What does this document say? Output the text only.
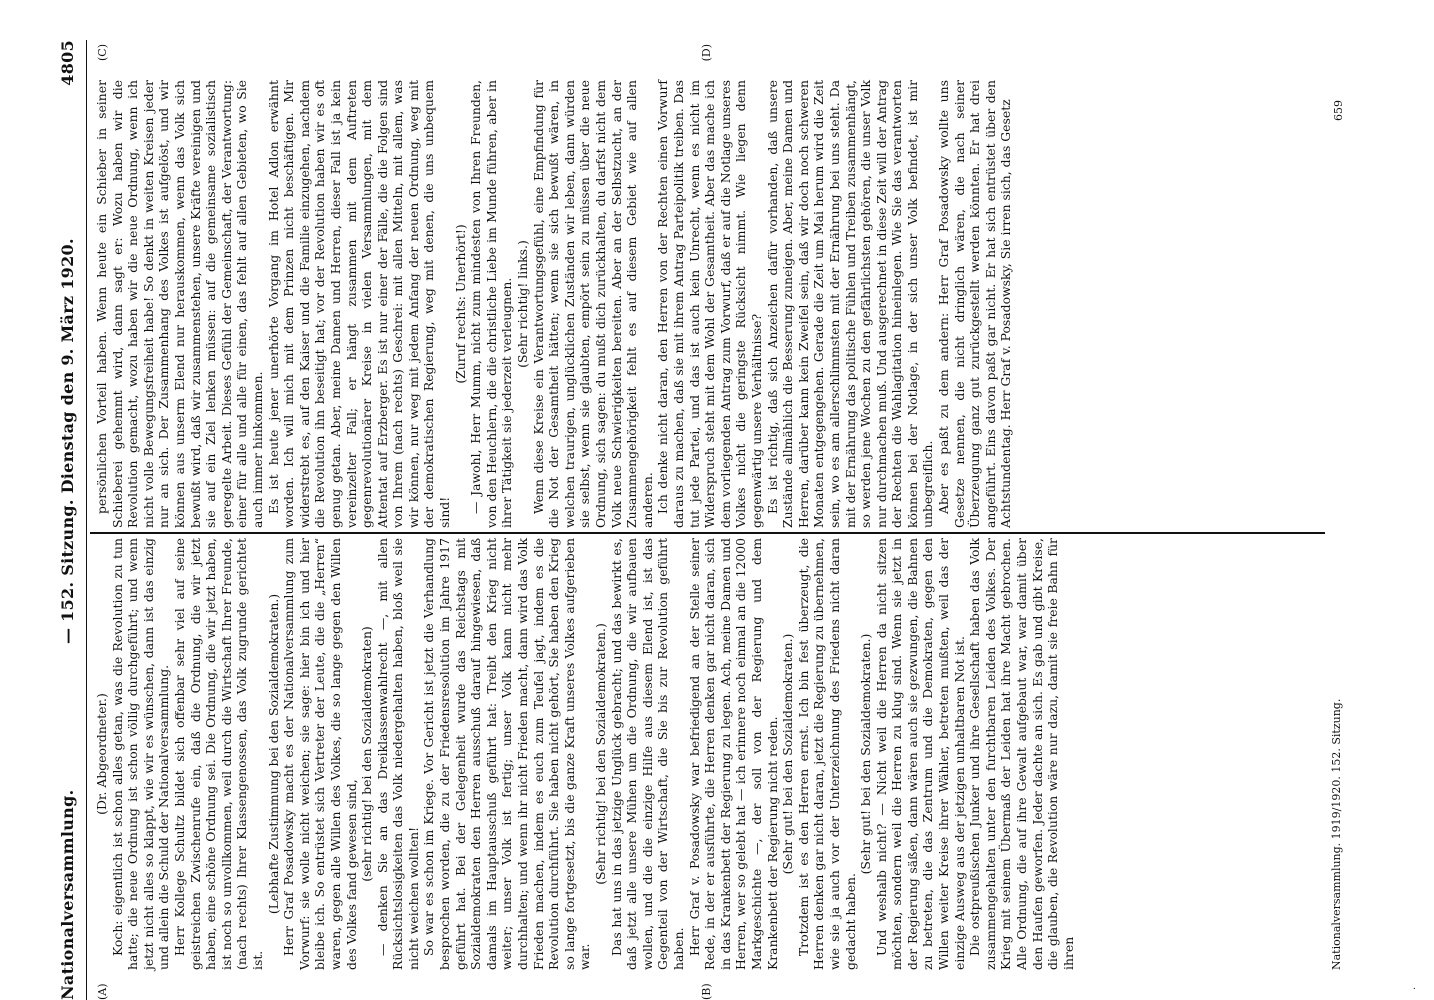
Nationalversammlung.
— 152. Sitzung. Dienstag den 9. März 1920.
4805
(A)	(B)
(C)	(D)

(Dr. Abgeordneter.) Koch: eigentlich ist schon alles getan, was die Revolution zu tun hatte; die neue Ordnung ist schon völlig durchgeführt; und wenn jetzt nicht alles so klappt, wie wir es wünschen, dann ist das einzig und allein die Schuld der Nationalversammlung. Herr Kollege Schultz bildet sich offenbar sehr viel auf seine geistreichen Zwischenrufe ein, daß die Ordnung, die wir jetzt haben, eine schöne Ordnung sei. Die Ordnung, die wir jetzt haben, ist noch so unvollkommen, weil durch die Wirtschaft Ihrer Freunde, (nach rechts) Ihrer Klassengenossen, das Volk zugrunde gerichtet ist.

(Lebhafte Zustimmung bei den Sozialdemokraten.) Herr Graf Posadowsky macht es der Nationalversammlung zum Vorwurf: sie wolle nicht weichen; sie sage: hier bin ich und hier bleibe ich. So entrüstet sich Vertreter der Leute, die die „Herren“ waren, gegen alle Willen des Volkes, die so lange gegen den Willen des Volkes fand gewesen sind, (sehr richtig! bei den Sozialdemokraten) — denken Sie an das Dreiklassenwahlrecht —, mit allen Rücksichtslosigkeiten das Volk niedergehalten haben, bloß weil sie nicht weichen wollten! So war es schon im Kriege. Vor Gericht ist jetzt die Verhandlung besprochen worden, die zu der Friedensresolution im Jahre 1917 geführt hat. Bei der Gelegenheit wurde das Reichstags mit Sozialdemokraten den Herren ausschuß darauf hingewiesen, daß damals im Hauptausschuß geführt hat: Treibt den Krieg nicht weiter; unser Volk ist fertig; unser Volk kann nicht mehr durchhalten; und wenn ihr nicht Frieden macht, dann wird das Volk Frieden machen, indem es euch zum Teufel jagt, indem es die Revolution durchführt. Sie haben nicht gehört, Sie haben den Krieg so lange fortgesetzt, bis die ganze Kraft unseres Volkes aufgerieben war.

(Sehr richtig! bei den Sozialdemokraten.) Das hat uns in das jetzige Unglück gebracht; und das bewirkt es, daß jetzt alle unsere Mühen um die Ordnung, die wir aufbauen wollen, und die die einzige Hilfe aus diesem Elend ist, ist das Gegenteil von der Wirtschaft, die Sie bis zur Revolution geführt haben. Herr Graf v. Posadowsky war befriedigend an der Stelle seiner Rede, in der er ausführte, die Herren denken gar nicht daran, sich in das Krankenbett der Regierung zu legen. Ach, meine Damen und Herren, wer so gelebt hat — ich erinnere noch einmal an die 12000 Markgeschichte —, der soll von der Regierung und dem Krankenbett der Regierung nicht reden. (Sehr gut! bei den Sozialdemokraten.) Trotzdem ist es den Herren ernst. Ich bin fest überzeugt, die Herren denken gar nicht daran, jetzt die Regierung zu übernehmen, wie sie ja auch vor der Unterzeichnung des Friedens nicht daran gedacht haben.

(Sehr gut! bei den Sozialdemokraten.) Und weshalb nicht? — Nicht weil die Herren da nicht sitzen möchten, sondern weil die Herren zu klug sind. Wenn sie jetzt in der Regierung säßen, dann wären auch sie gezwungen, die Bahnen zu betreten, die das Zentrum und die Demokraten, gegen den Willen weiter Kreise ihrer Wähler, betreten mußten, weil das der einzige Ausweg aus der jetzigen unhaltbaren Not ist. Die ostpreußischen Junker und ihre Gesellschaft haben das Volk zusammengehalten unter den furchtbaren Leiden des Volkes. Der Krieg mit seinem Übermaß der Leiden hat ihre Macht gebrochen. Alle Ordnung, die auf ihre Gewalt aufgebaut war, war damit über den Haufen geworfen. Jeder dachte an sich. Es gab und gibt Kreise, die glauben, die Revolution wäre nur dazu, damit sie freie Bahn für ihren

persönlichen Vorteil haben. Wenn heute ein Schieber in seiner Schieberei gehemmt wird, dann sagt er: Wozu haben wir die Revolution gemacht, wozu haben wir die neue Ordnung, wenn ich nicht volle Bewegungsfreiheit habe! So denkt in weiten Kreisen jeder nur an sich. Der Zusammenhang des Volkes ist aufgelöst, und wir können aus unserm Elend nur herauskommen, wenn das Volk sich bewußt wird, daß wir zusammenstehen, unsere Kräfte vereinigen und sie auf ein Ziel lenken müssen: auf die gemeinsame sozialistisch geregelte Arbeit. Dieses Gefühl der Gemeinschaft, der Verantwortung: einer für alle und alle für einen, das fehlt auf allen Gebieten, wo Sie auch immer hinkommen. Es ist heute jener unerhörte Vorgang im Hotel Adlon erwähnt worden. Ich will mich mit dem Prinzen nicht beschäftigen. Mir widerstrebt es, auf den Kaiser und die Familie einzugehen, nachdem die Revolution ihn beseitigt hat; vor der Revolution haben wir es oft genug getan. Aber, meine Damen und Herren, dieser Fall ist ja kein vereinzelter Fall; er hängt zusammen mit dem Auftreten gegenrevolutionärer Kreise in vielen Versammlungen, mit dem Attentat auf Erzberger. Es ist nur einer der Fälle, die die Folgen sind von Ihrem (nach rechts) Geschrei: mit allen Mitteln, mit allem, was wir können, nur weg mit jedem Anfang der neuen Ordnung, weg mit der demokratischen Regierung, weg mit denen, die uns unbequem sind!

(Zuruf rechts: Unerhört!) — Jawohl, Herr Mumm, nicht zum mindesten von Ihren Freunden, von den Heuchlern, die die christliche Liebe im Munde führen, aber in ihrer Tätigkeit sie jederzeit verleugnen. (Sehr richtig! links.) Wenn diese Kreise ein Verantwortungsgefühl, eine Empfindung für die Not der Gesamtheit hätten; wenn sie sich bewußt wären, in welchen traurigen, unglücklichen Zuständen wir leben, dann würden sie selbst, wenn sie glaubten, empört sein zu müssen über die neue Ordnung, sich sagen: du mußt dich zurückhalten, du darfst nicht dem Volk neue Schwierigkeiten bereiten. Aber an der Selbstzucht, an der Zusammengehörigkeit fehlt es auf diesem Gebiet wie auf allen anderen. Ich denke nicht daran, den Herren von der Rechten einen Vorwurf daraus zu machen, daß sie mit ihrem Antrag Parteipolitik treiben. Das tut jede Partei, und das ist auch kein Unrecht, wenn es nicht im Widerspruch steht mit dem Wohl der Gesamtheit. Aber das mache ich dem vorliegenden Antrag zum Vorwurf, daß er auf die Notlage unseres Volkes nicht die geringste Rücksicht nimmt. Wie liegen denn gegenwärtig unsere Verhältnisse? Es ist richtig, daß sich Anzeichen dafür vorhanden, daß unsere Zustände allmählich die Besserung zuneigen. Aber, meine Damen und Herren, darüber kann kein Zweifel sein, daß wir doch noch schweren Monaten entgegengehen. Gerade die Zeit um Mai herum wird die Zeit sein, wo es am allerschlimmsten mit der Ernährung bei uns steht. Da mit der Ernährung das politische Fühlen und Treiben zusammenhängt, so werden jene Wochen zu den gefährlichsten gehören, die unser Volk nur durchmachen muß. Und ausgerechnet in diese Zeit will der Antrag der Rechten die Wahlagitation hineinlegen. Wie Sie das verantworten können bei der Notlage, in der sich unser Volk befindet, ist mir unbegreiflich. Aber es paßt zu dem andern: Herr Graf Posadowsky wollte uns Gesetze nennen, die nicht dringlich wären, die nach seiner Überzeugung ganz gut zurückgestellt werden könnten. Er hat drei angeführt. Eins davon paßt gar nicht. Er hat sich entrüstet über den Achtstundentag. Herr Graf v. Posadowsky, Sie irren sich, das Gesetz

Nationalversammlung. 1919/1920. 152. Sitzung.
659
·
